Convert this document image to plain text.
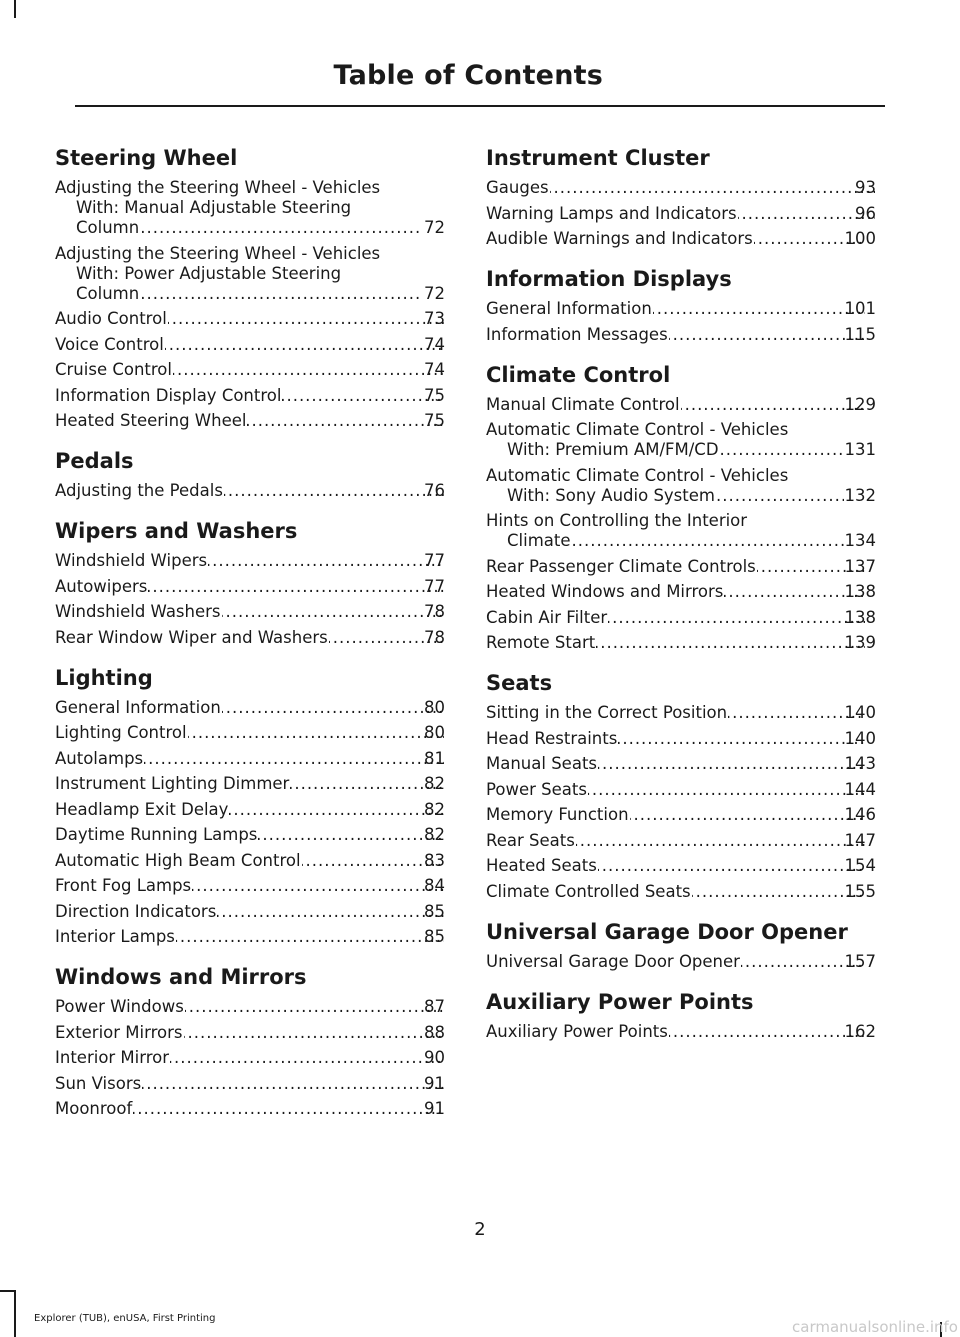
Table of Contents
Steering Wheel
Adjusting the Steering Wheel - Vehicles
With: Manual Adjustable Steering
Column .....	72
Adjusting the Steering Wheel - Vehicles
With: Power Adjustable Steering
Column .....	72
Audio Control .....	73
Voice Control .....	74
Cruise Control .....	74
Information Display Control .....	75
Heated Steering Wheel .....	75
Pedals
Adjusting the Pedals .....	76
Wipers and Washers
Windshield Wipers .....	77
Autowipers .....	77
Windshield Washers .....	78
Rear Window Wiper and Washers .....	78
Lighting
General Information .....	80
Lighting Control .....	80
Autolamps .....	81
Instrument Lighting Dimmer .....	82
Headlamp Exit Delay .....	82
Daytime Running Lamps .....	82
Automatic High Beam Control .....	83
Front Fog Lamps .....	84
Direction Indicators .....	85
Interior Lamps .....	85
Windows and Mirrors
Power Windows .....	87
Exterior Mirrors .....	88
Interior Mirror .....	90
Sun Visors .....	91
Moonroof .....	91
Instrument Cluster
Gauges .....	93
Warning Lamps and Indicators .....	96
Audible Warnings and Indicators .....	100
Information Displays
General Information .....	101
Information Messages .....	115
Climate Control
Manual Climate Control .....	129
Automatic Climate Control - Vehicles
With: Premium AM/FM/CD .....	131
Automatic Climate Control - Vehicles
With: Sony Audio System .....	132
Hints on Controlling the Interior
Climate .....	134
Rear Passenger Climate Controls .....	137
Heated Windows and Mirrors .....	138
Cabin Air Filter .....	138
Remote Start .....	139
Seats
Sitting in the Correct Position .....	140
Head Restraints .....	140
Manual Seats .....	143
Power Seats .....	144
Memory Function .....	146
Rear Seats .....	147
Heated Seats .....	154
Climate Controlled Seats .....	155
Universal Garage Door Opener
Universal Garage Door Opener .....	157
Auxiliary Power Points
Auxiliary Power Points .....	162
2
Explorer (TUB), enUSA, First Printing	carmanualsonline.info
